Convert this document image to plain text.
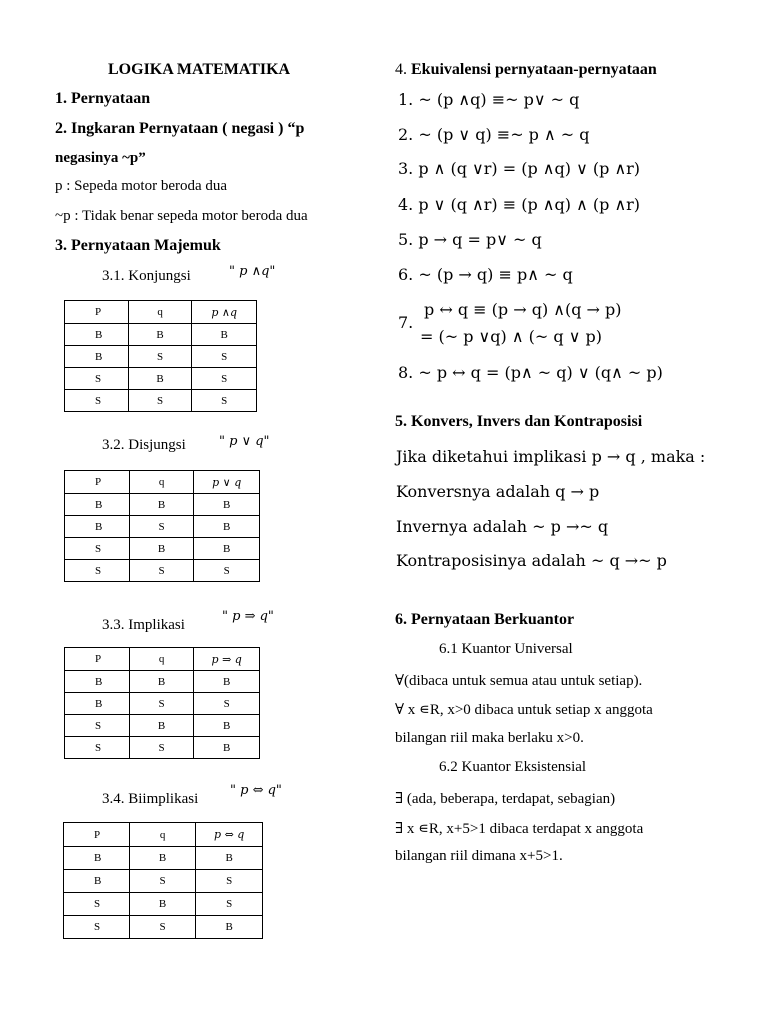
LOGIKA MATEMATIKA
1. Pernyataan
2. Ingkaran Pernyataan ( negasi ) “p
negasinya ~p”
p : Sepeda motor beroda dua
~p : Tidak benar sepeda motor beroda dua
3. Pernyataan Majemuk
3.1. Konjungsi	" p ∧q"
P	q	p ∧q
B	B	B
B	S	S
S	B	S
S	S	S
3.2. Disjungsi	" p ∨ q"
P	q	p ∨ q
B	B	B
B	S	B
S	B	B
S	S	S
3.3. Implikasi
" p ⇒ q"
P	q	p ⇒ q
B	B	B
B	S	S
S	B	B
S	S	B
3.4. Biimplikasi
" p ⇔ q"
P	q	p ⇔ q
B	B	B
B	S	S
S	B	S
S	S	B
4. Ekuivalensi pernyataan-pernyataan
1. ~ (p ∧q) ≡~ p∨ ~ q
2. ~ (p ∨ q) ≡~ p ∧ ~ q
3. p ∧ (q ∨r) = (p ∧q) ∨ (p ∧r)
4. p ∨ (q ∧r) ≡ (p ∧q) ∧ (p ∧r)
5. p → q = p∨ ~ q
6. ~ (p → q) ≡ p∧ ~ q
p ↔ q ≡ (p → q) ∧(q → p)
7.
= (~ p ∨q) ∧ (~ q ∨ p)
8. ~ p ↔ q = (p∧ ~ q) ∨ (q∧ ~ p)
5. Konvers, Invers dan Kontraposisi
Jika diketahui implikasi p → q , maka :
Konversnya adalah q → p
Invernya adalah ~ p →~ q
Kontraposisinya adalah ~ q →~ p
6. Pernyataan Berkuantor
6.1 Kuantor Universal
∀(dibaca untuk semua atau untuk setiap).
∀ x ∊R, x>0 dibaca untuk setiap x anggota
bilangan riil maka berlaku x>0.
6.2 Kuantor Eksistensial
∃ (ada, beberapa, terdapat, sebagian)
∃ x ∊R, x+5>1 dibaca terdapat x anggota
bilangan riil dimana x+5>1.
